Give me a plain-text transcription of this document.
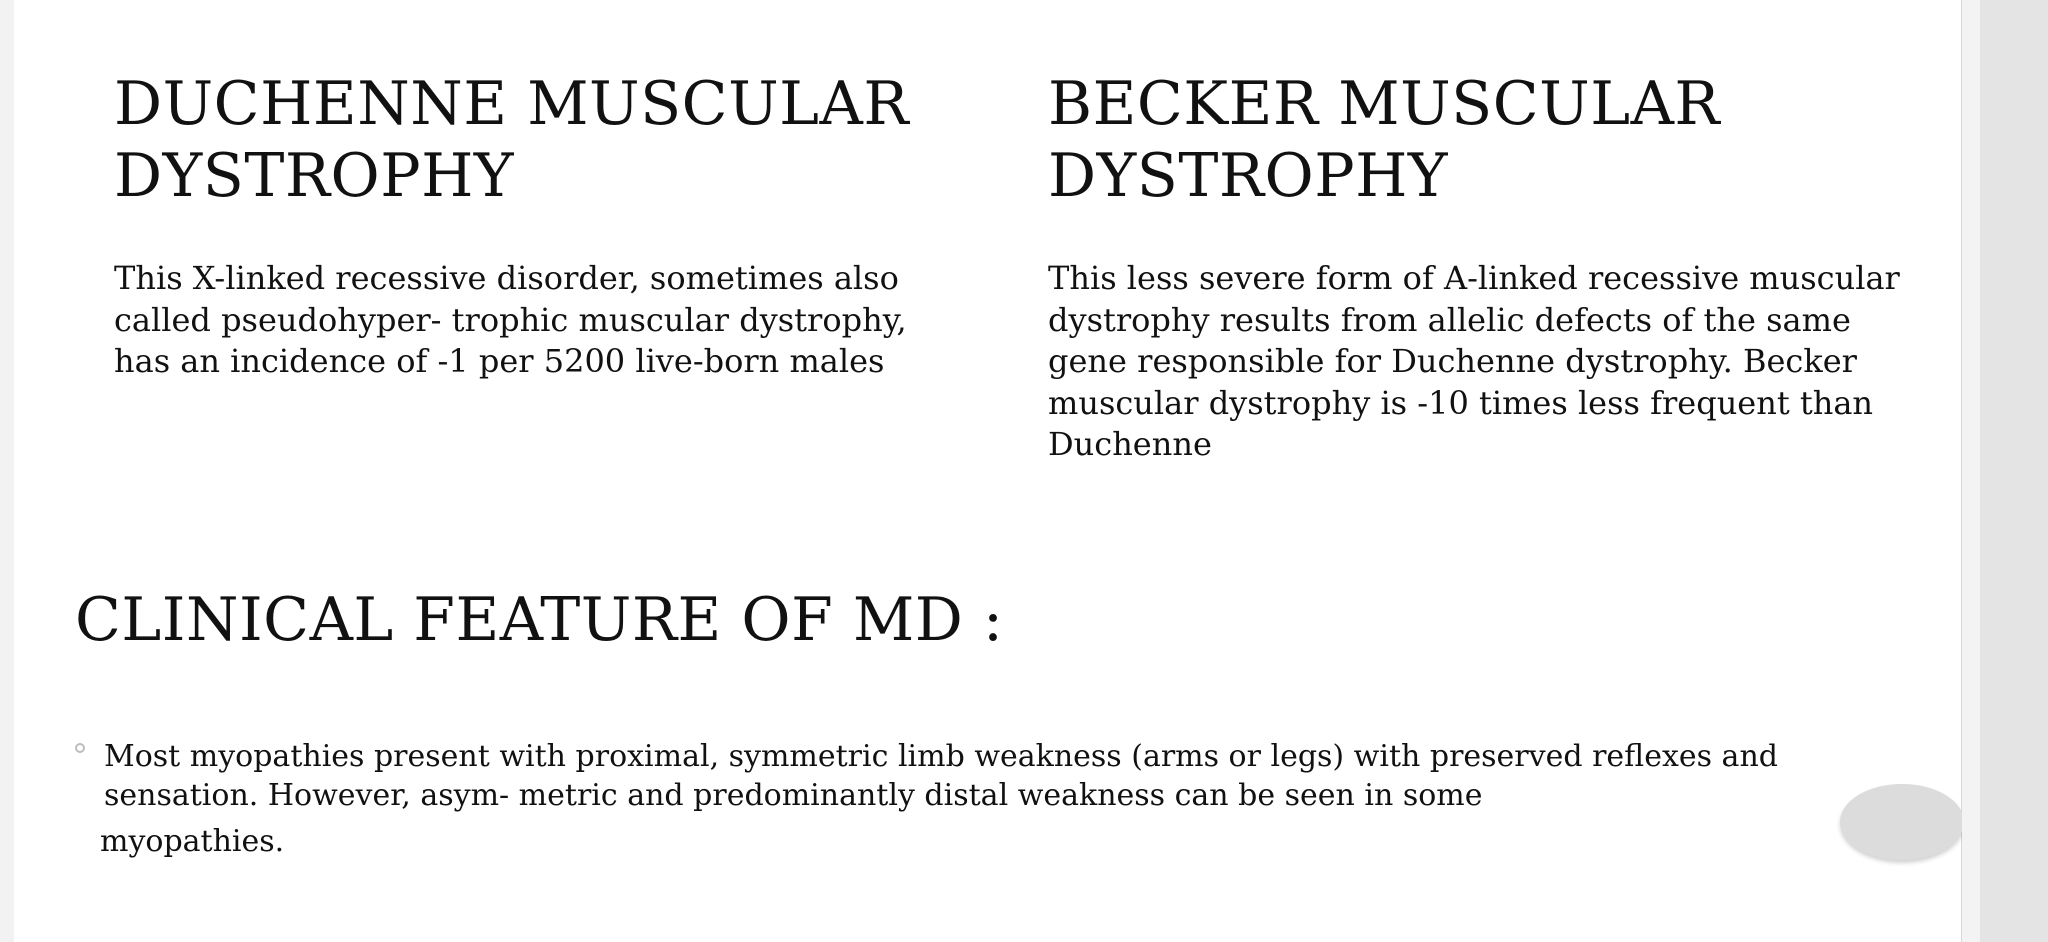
DUCHENNE MUSCULAR
DYSTROPHY

This X-linked recessive disorder, sometimes also called pseudohyper- trophic muscular dystrophy, has an incidence of -1 per 5200 live-born males

BECKER MUSCULAR
DYSTROPHY

This less severe form of A-linked recessive muscular dystrophy results from allelic defects of the same gene responsible for Duchenne dystrophy. Becker muscular dystrophy is -10 times less frequent than Duchenne

CLINICAL FEATURE OF MD :

Most myopathies present with proximal, symmetric limb weakness (arms or legs) with preserved reflexes and sensation. However, asym- metric and predominantly distal weakness can be seen in some

myopathies.
